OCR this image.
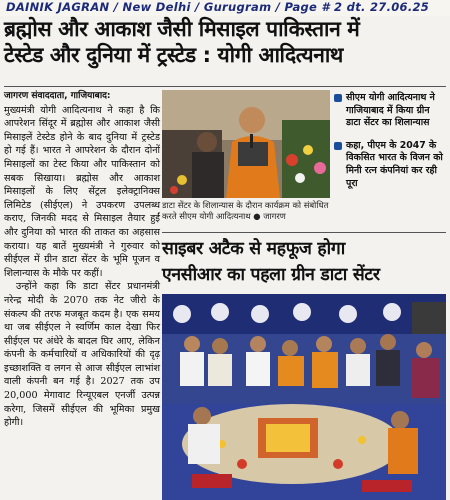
DAINIK JAGRAN / New Delhi / Gurugram / Page # 2 dt. 27.06.25
ब्रह्मोस और आकाश जैसी मिसाइल पाकिस्तान में
टेस्टेड और दुनिया में ट्रस्टेड : योगी आदित्यनाथ
जागरण संवाददाता, गाजियाबाद:

मुख्यमंत्री योगी आदित्यनाथ ने कहा है कि आपरेशन सिंदूर में ब्रह्मोस और आकाश जैसी मिसाइलें टेस्टेड होने के बाद दुनिया में ट्रस्टेड हो गई हैं। भारत ने आपरेशन के दौरान दोनों मिसाइलों का टेस्ट किया और पाकिस्तान को सबक सिखाया। ब्रह्मोस और आकाश मिसाइलों के लिए सेंट्रल इलेक्ट्रानिक्स लिमिटेड (सीईएल) ने उपकरण उपलब्ध कराए, जिनकी मदद से मिसाइल तैयार हुईं और दुनिया को भारत की ताकत का अहसास कराया। यह बातें मुख्यमंत्री ने गुरुवार को सीईएल में ग्रीन डाटा सेंटर के भूमि पूजन व शिलान्यास के मौके पर कहीं।

उन्होंने कहा कि डाटा सेंटर प्रधानमंत्री नरेन्द्र मोदी के 2070 तक नेट जीरो के संकल्प की तरफ मजबूत कदम है। एक समय था जब सीईएल ने स्वर्णिम काल देखा फिर सीईएल पर अंधेरे के बादल घिर आए, लेकिन कंपनी के कर्मचारियों व अधिकारियों की दृढ़ इच्छाशक्ति व लगन से आज सीईएल लाभांश वाली कंपनी बन गई है। 2027 तक उप 20,000 मेगावाट रिन्यूएबल एनर्जी उत्पन्न करेगा, जिसमें सीईएल की भूमिका प्रमुख होगी।

डाटा सेंटर के शिलान्यास के दौरान कार्यक्रम को संबोधित करते सीएम योगी आदित्यनाथ ● जागरण
सीएम योगी आदित्यनाथ ने गाजियाबाद में किया ग्रीन डाटा सेंटर का शिलान्यास
कहा, पीएम के 2047 के विकसित भारत के विजन को मिनी रत्न कंपनियां कर रही पूरा
साइबर अटैक से महफूज होगा
एनसीआर का पहला ग्रीन डाटा सेंटर
